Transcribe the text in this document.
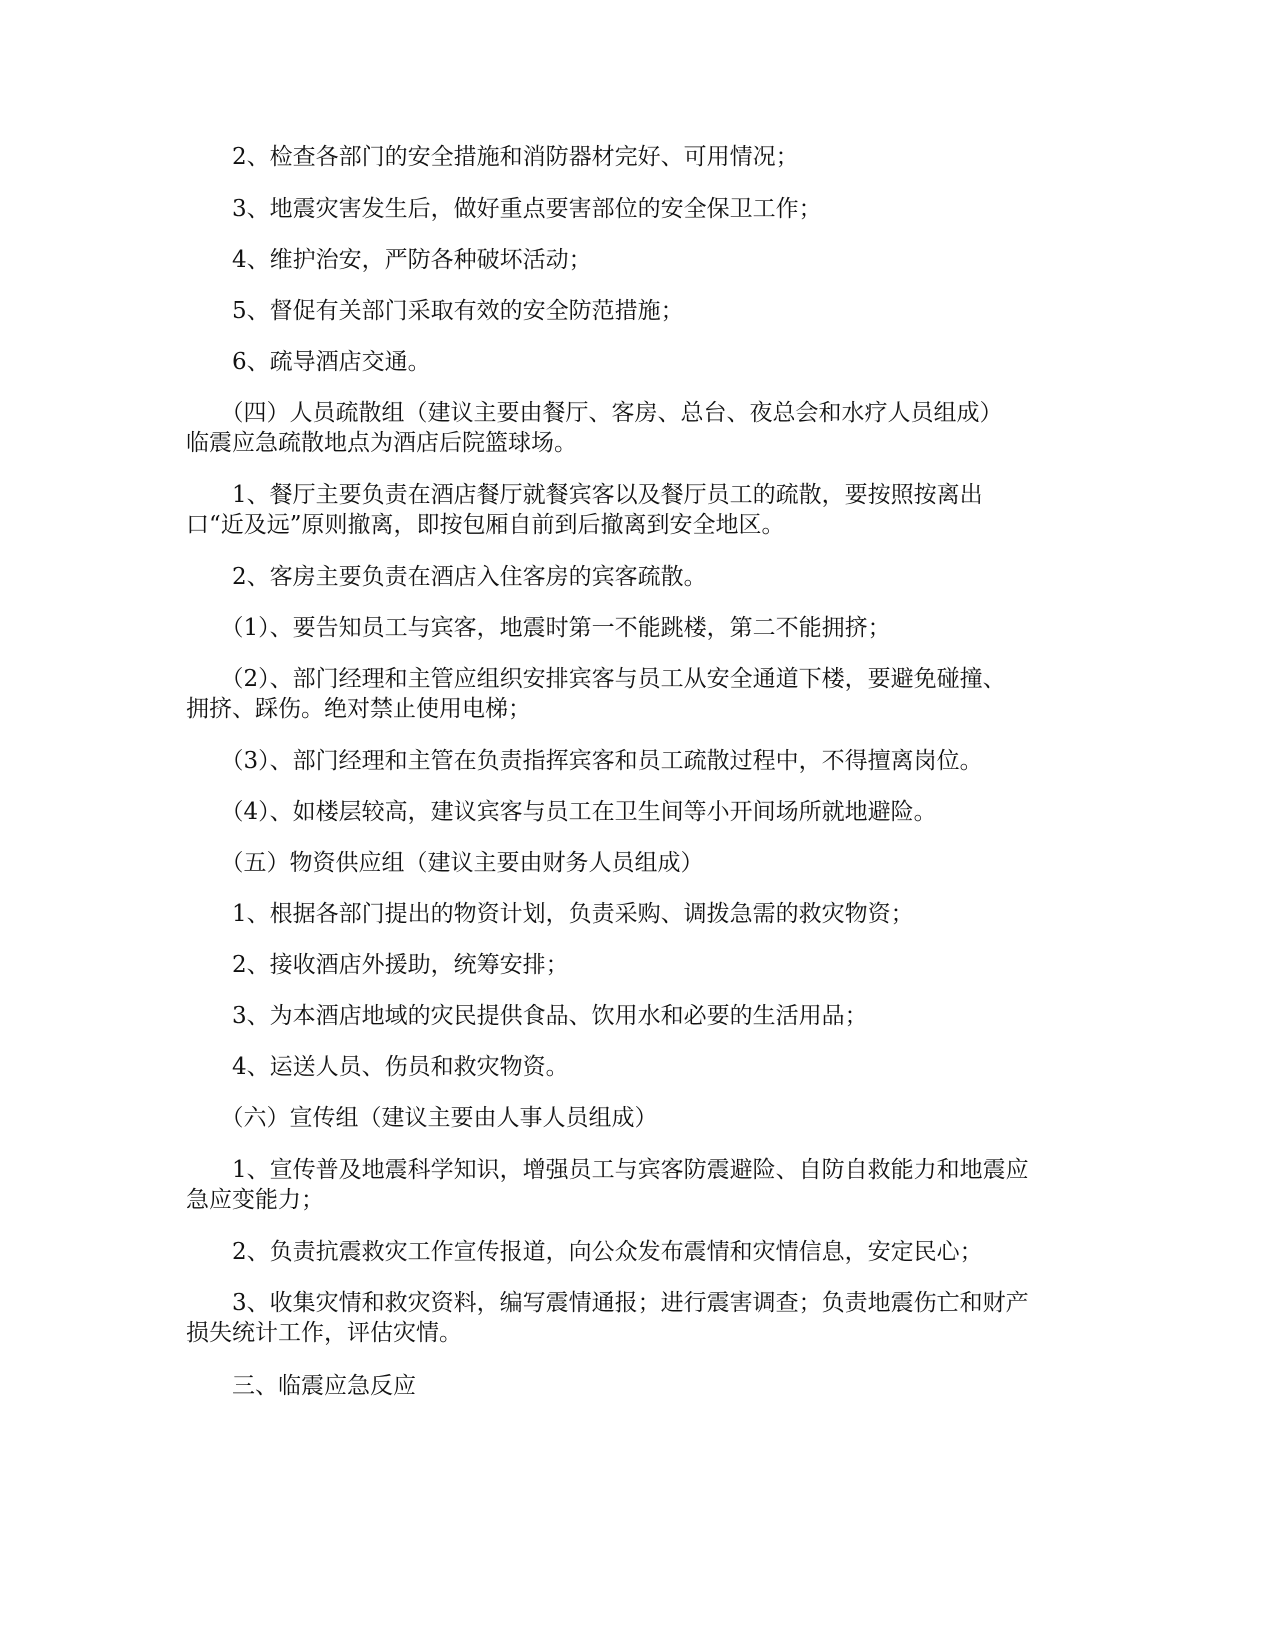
　　2、检查各部门的安全措施和消防器材完好、可用情况；

　　3、地震灾害发生后，做好重点要害部位的安全保卫工作；

　　4、维护治安，严防各种破坏活动；

　　5、督促有关部门采取有效的安全防范措施；

　　6、疏导酒店交通。

　　（四）人员疏散组（建议主要由餐厅、客房、总台、夜总会和水疗人员组成）
临震应急疏散地点为酒店后院篮球场。

　　1、餐厅主要负责在酒店餐厅就餐宾客以及餐厅员工的疏散，要按照按离出
口“近及远”原则撤离，即按包厢自前到后撤离到安全地区。

　　2、客房主要负责在酒店入住客房的宾客疏散。

　　（1）、要告知员工与宾客，地震时第一不能跳楼，第二不能拥挤；

　　（2）、部门经理和主管应组织安排宾客与员工从安全通道下楼，要避免碰撞、
拥挤、踩伤。绝对禁止使用电梯；

　　（3）、部门经理和主管在负责指挥宾客和员工疏散过程中，不得擅离岗位。

　　（4）、如楼层较高，建议宾客与员工在卫生间等小开间场所就地避险。

　　（五）物资供应组（建议主要由财务人员组成）

　　1、根据各部门提出的物资计划，负责采购、调拨急需的救灾物资；

　　2、接收酒店外援助，统筹安排；

　　3、为本酒店地域的灾民提供食品、饮用水和必要的生活用品；

　　4、运送人员、伤员和救灾物资。

　　（六）宣传组（建议主要由人事人员组成）

　　1、宣传普及地震科学知识，增强员工与宾客防震避险、自防自救能力和地震应
急应变能力；

　　2、负责抗震救灾工作宣传报道，向公众发布震情和灾情信息，安定民心；

　　3、收集灾情和救灾资料，编写震情通报；进行震害调查；负责地震伤亡和财产
损失统计工作，评估灾情。

　　三、临震应急反应
